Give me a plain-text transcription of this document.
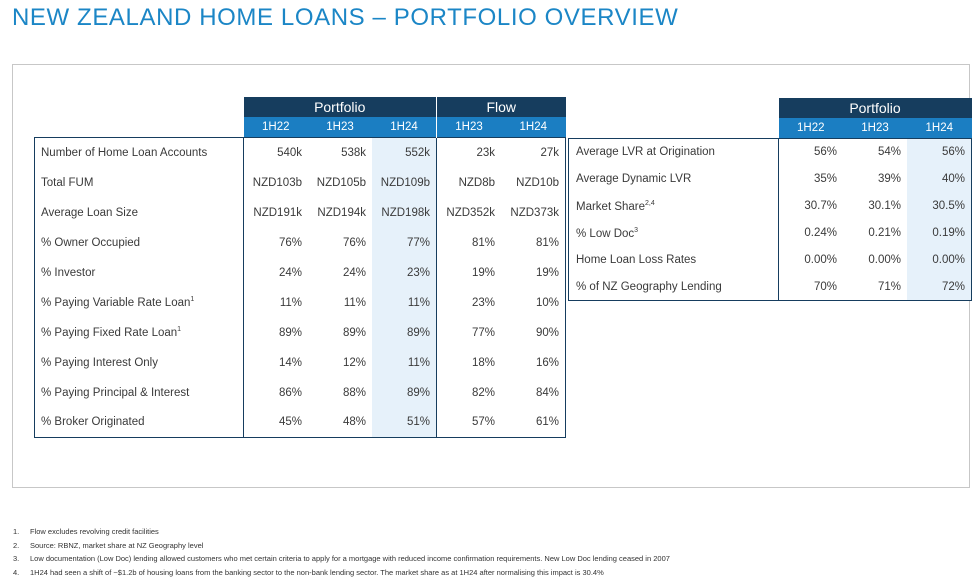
NEW ZEALAND HOME LOANS – PORTFOLIO OVERVIEW
	Portfolio			Flow	
	1H22	1H23	1H24	1H23	1H24
Number of Home Loan Accounts	540k	538k	552k	23k	27k
Total FUM	NZD103b	NZD105b	NZD109b	NZD8b	NZD10b
Average Loan Size	NZD191k	NZD194k	NZD198k	NZD352k	NZD373k
% Owner Occupied	76%	76%	77%	81%	81%
% Investor	24%	24%	23%	19%	19%
% Paying Variable Rate Loan$^1$	11%	11%	11%	23%	10%
% Paying Fixed Rate Loan$^1$	89%	89%	89%	77%	90%
% Paying Interest Only	14%	12%	11%	18%	16%
% Paying Principal & Interest	86%	88%	89%	82%	84%
% Broker Originated	45%	48%	51%	57%	61%
	Portfolio		
	1H22	1H23	1H24
Average LVR at Origination	56%	54%	56%
Average Dynamic LVR	35%	39%	40%
Market Share$^{2,4}$	30.7%	30.1%	30.5%
% Low Doc$^3$	0.24%	0.21%	0.19%
Home Loan Loss Rates	0.00%	0.00%	0.00%
% of NZ Geography Lending	70%	71%	72%
1. Flow excludes revolving credit facilities
2. Source: RBNZ, market share at NZ Geography level
3. Low documentation (Low Doc) lending allowed customers who met certain criteria to apply for a mortgage with reduced income confirmation requirements. New Low Doc lending ceased in 2007
4. 1H24 had seen a shift of ~$1.2b of housing loans from the banking sector to the non-bank lending sector. The market share as at 1H24 after normalising this impact is 30.4%
